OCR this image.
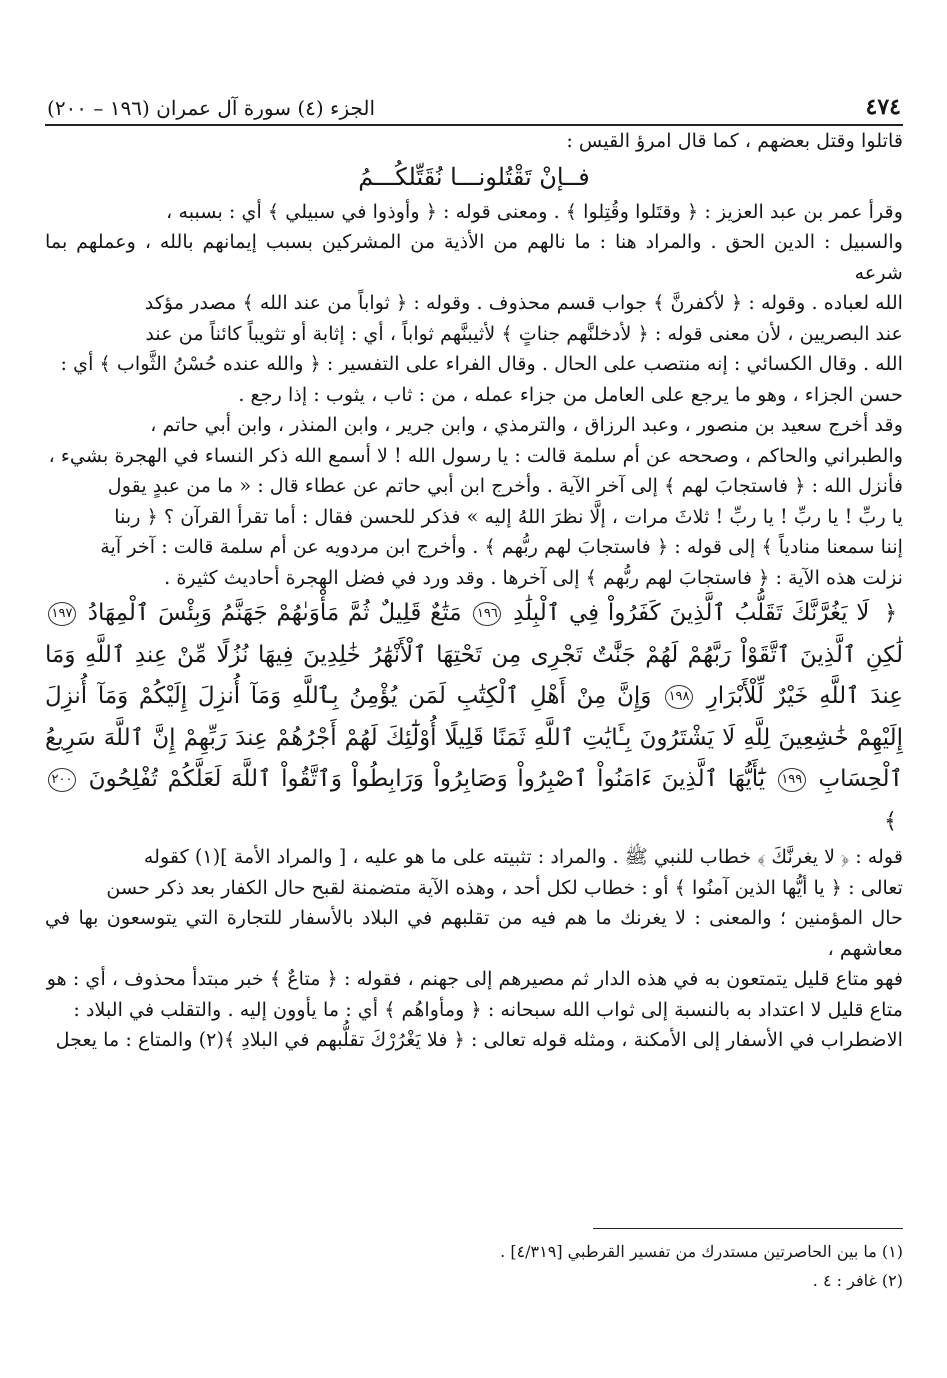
٤٧٤
الجزء (٤) سورة آل عمران (١٩٦ – ٢٠٠)

قاتلوا وقتل بعضهم ، كما قال امرؤ القيس :

فــإنْ تَقْتُلونـــا نُقَتِّلكُـــمُ

وقرأ عمر بن عبد العزيز : ﴿ وقتَلوا وقُتِلوا ﴾ . ومعنى قوله : ﴿ وأوذوا في سبيلي ﴾ أي : بسببه ،
والسبيل : الدين الحق . والمراد هنا : ما نالهم من الأذية من المشركين بسبب إيمانهم بالله ، وعملهم بما شرعه
الله لعباده . وقوله : ﴿ لأكفرنَّ ﴾ جواب قسم محذوف . وقوله : ﴿ ثواباً من عند الله ﴾ مصدر مؤكد
عند البصريين ، لأن معنى قوله : ﴿ لأدخلنَّهم جناتٍ ﴾ لأثيبنَّهم ثواباً ، أي : إثابة أو تثويباً كائناً من عند
الله . وقال الكسائي : إنه منتصب على الحال . وقال الفراء على التفسير : ﴿ والله عنده حُسْنُ الثَّواب ﴾ أي :
حسن الجزاء ، وهو ما يرجع على العامل من جزاء عمله ، من : ثاب ، يثوب : إذا رجع .

وقد أخرج سعيد بن منصور ، وعبد الرزاق ، والترمذي ، وابن جرير ، وابن المنذر ، وابن أبي حاتم ،
والطبراني والحاكم ، وصححه عن أم سلمة قالت : يا رسول الله ! لا أسمع الله ذكر النساء في الهجرة بشيء ،
فأنزل الله : ﴿ فاستجابَ لهم ﴾ إلى آخر الآية . وأخرج ابن أبي حاتم عن عطاء قال : « ما من عبدٍ يقول
يا ربِّ ! يا ربِّ ! يا ربِّ ! ثلاثَ مرات ، إلَّا نظرَ اللهُ إليه » فذكر للحسن فقال : أما تقرأ القرآن ؟ ﴿ ربنا
إننا سمعنا منادياً ﴾ إلى قوله : ﴿ فاستجابَ لهم ربُّهم ﴾ . وأخرج ابن مردويه عن أم سلمة قالت : آخر آية
نزلت هذه الآية : ﴿ فاستجابَ لهم ربُّهم ﴾ إلى آخرها . وقد ورد في فضل الهجرة أحاديث كثيرة .

﴿ لَا يَغُرَّنَّكَ تَقَلُّبُ ٱلَّذِينَ كَفَرُواْ فِي ٱلْبِلَٰدِ ١٩٦ مَتَٰعٌ قَلِيلٌ ثُمَّ مَأْوَىٰهُمْ جَهَنَّمُ وَبِئْسَ ٱلْمِهَادُ ١٩٧ لَٰكِنِ ٱلَّذِينَ ٱتَّقَوْاْ رَبَّهُمْ لَهُمْ جَنَّٰتٌ تَجْرِى مِن تَحْتِهَا ٱلْأَنْهَٰرُ خَٰلِدِينَ فِيهَا نُزُلًا مِّنْ عِندِ ٱللَّهِ وَمَا عِندَ ٱللَّهِ خَيْرٌ لِّلْأَبْرَارِ ١٩٨ وَإِنَّ مِنْ أَهْلِ ٱلْكِتَٰبِ لَمَن يُؤْمِنُ بِٱللَّهِ وَمَآ أُنزِلَ إِلَيْكُمْ وَمَآ أُنزِلَ إِلَيْهِمْ خَٰشِعِينَ لِلَّهِ لَا يَشْتَرُونَ بِـَٔايَٰتِ ٱللَّهِ ثَمَنًا قَلِيلًا أُوْلَٰٓئِكَ لَهُمْ أَجْرُهُمْ عِندَ رَبِّهِمْ إِنَّ ٱللَّهَ سَرِيعُ ٱلْحِسَابِ ١٩٩ يَٰٓأَيُّهَا ٱلَّذِينَ ءَامَنُواْ ٱصْبِرُواْ وَصَابِرُواْ وَرَابِطُواْ وَٱتَّقُواْ ٱللَّهَ لَعَلَّكُمْ تُفْلِحُونَ ٢٠٠ ﴾

قوله : ﴿ لا يغرنَّكَ ﴾ خطاب للنبي ﷺ . والمراد : تثبيته على ما هو عليه ، [ والمراد الأمة ](١) كقوله
تعالى : ﴿ يا أيُّها الذين آمنُوا ﴾ أو : خطاب لكل أحد ، وهذه الآية متضمنة لقبح حال الكفار بعد ذكر حسن
حال المؤمنين ؛ والمعنى : لا يغرنك ما هم فيه من تقلبهم في البلاد بالأسفار للتجارة التي يتوسعون بها في معاشهم ،
فهو متاع قليل يتمتعون به في هذه الدار ثم مصيرهم إلى جهنم ، فقوله : ﴿ متاعٌ ﴾ خبر مبتدأ محذوف ، أي : هو
متاع قليل لا اعتداد به بالنسبة إلى ثواب الله سبحانه : ﴿ ومأواهُم ﴾ أي : ما يأوون إليه . والتقلب في البلاد :
الاضطراب في الأسفار إلى الأمكنة ، ومثله قوله تعالى : ﴿ فلا يَغْرُرْكَ تقلُّبهم في البلادِ ﴾(٢) والمتاع : ما يعجل

(١) ما بين الحاصرتين مستدرك من تفسير القرطبي [٤/٣١٩] .

(٢) غافر : ٤ .
